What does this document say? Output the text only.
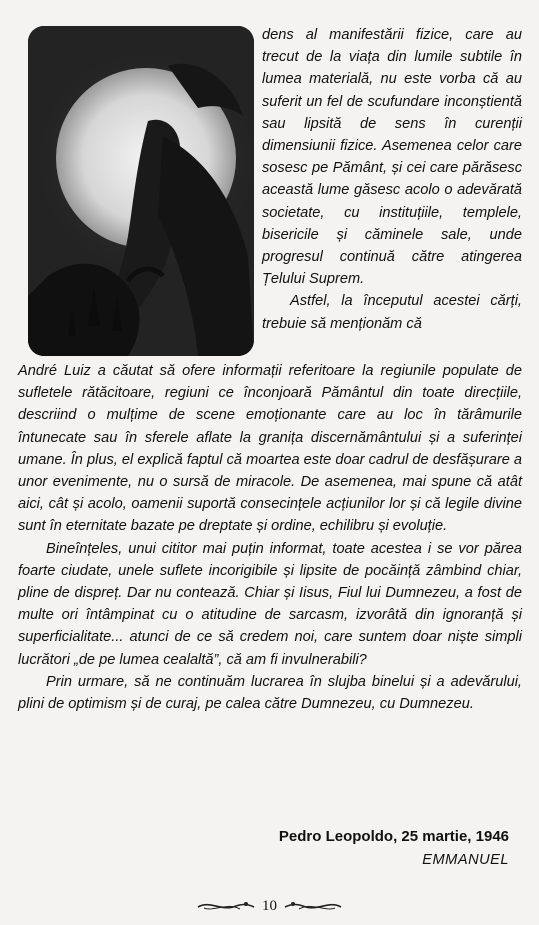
dens al manifestării fizice, care au trecut de la viața din lumile subtile în lumea materială, nu este vorba că au suferit un fel de scufundare inconștientă sau lipsită de sens în curenții dimensiunii fizice. Asemenea celor care sosesc pe Pământ, și cei care părăsesc această lume găsesc acolo o adevărată societate, cu instituțiile, templele, bisericile și căminele sale, unde progresul continuă către atingerea Țelului Suprem.

Astfel, la începutul acestei cărți, trebuie să menționăm că

André Luiz a căutat să ofere informații referitoare la regiunile populate de sufletele rătăcitoare, regiuni ce înconjoară Pământul din toate direcțiile, descriind o mulțime de scene emoționante care au loc în tărâmurile întunecate sau în sferele aflate la granița discernământului și a suferinței umane. În plus, el explică faptul că moartea este doar cadrul de desfășurare a unor evenimente, nu o sursă de miracole. De asemenea, mai spune că atât aici, cât și acolo, oamenii suportă consecințele acțiunilor lor și că legile divine sunt în eternitate bazate pe dreptate și ordine, echilibru și evoluție.

Bineînțeles, unui cititor mai puțin informat, toate acestea i se vor părea foarte ciudate, unele suflete incorigibile și lipsite de pocăință zâmbind chiar, pline de dispreț. Dar nu contează. Chiar și Iisus, Fiul lui Dumnezeu, a fost de multe ori întâmpinat cu o atitudine de sarcasm, izvorâtă din ignoranță și superficialitate... atunci de ce să credem noi, care suntem doar niște simpli lucrători „de pe lumea cealaltă”, că am fi invulnerabili?

Prin urmare, să ne continuăm lucrarea în slujba binelui și a adevărului, plini de optimism și de curaj, pe calea către Dumnezeu, cu Dumnezeu.

Pedro Leopoldo, 25 martie, 1946
EMMANUEL
10
